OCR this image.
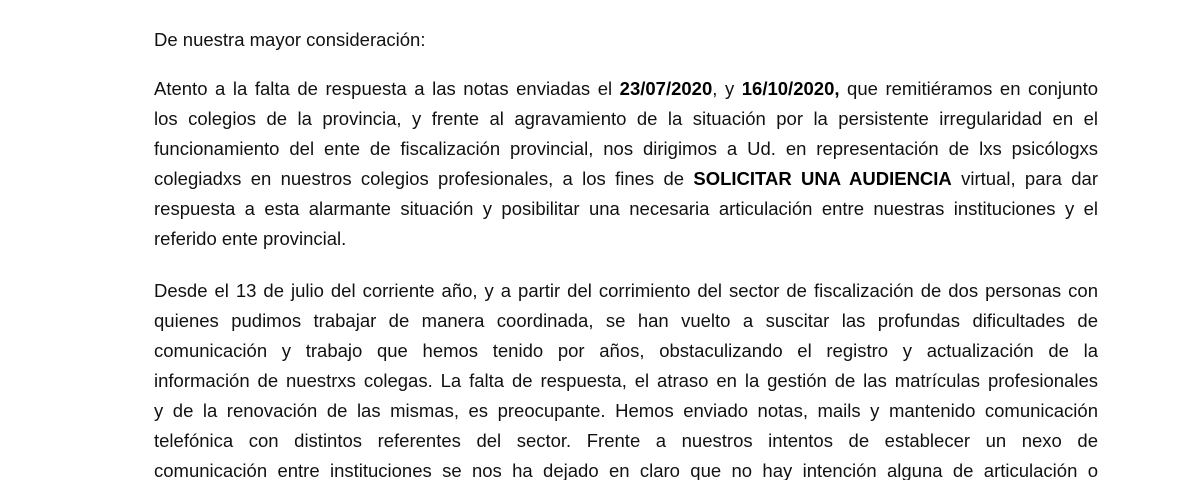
De nuestra mayor consideración:
Atento a la falta de respuesta a las notas enviadas el 23/07/2020, y 16/10/2020, que remitiéramos en conjunto
los colegios de la provincia, y frente al agravamiento de la situación por la persistente irregularidad en el
funcionamiento del ente de fiscalización provincial, nos dirigimos a Ud. en representación de lxs psicólogxs
colegiadxs en nuestros colegios profesionales, a los fines de SOLICITAR UNA AUDIENCIA virtual, para dar
respuesta a esta alarmante situación y posibilitar una necesaria articulación entre nuestras instituciones y el
referido ente provincial.
Desde el 13 de julio del corriente año, y a partir del corrimiento del sector de fiscalización de dos personas con
quienes pudimos trabajar de manera coordinada, se han vuelto a suscitar las profundas dificultades de
comunicación y trabajo que hemos tenido por años, obstaculizando el registro y actualización de la
información de nuestrxs colegas. La falta de respuesta, el atraso en la gestión de las matrículas profesionales
y de la renovación de las mismas, es preocupante. Hemos enviado notas, mails y mantenido comunicación
telefónica con distintos referentes del sector. Frente a nuestros intentos de establecer un nexo de
comunicación entre instituciones se nos ha dejado en claro que no hay intención alguna de articulación o
